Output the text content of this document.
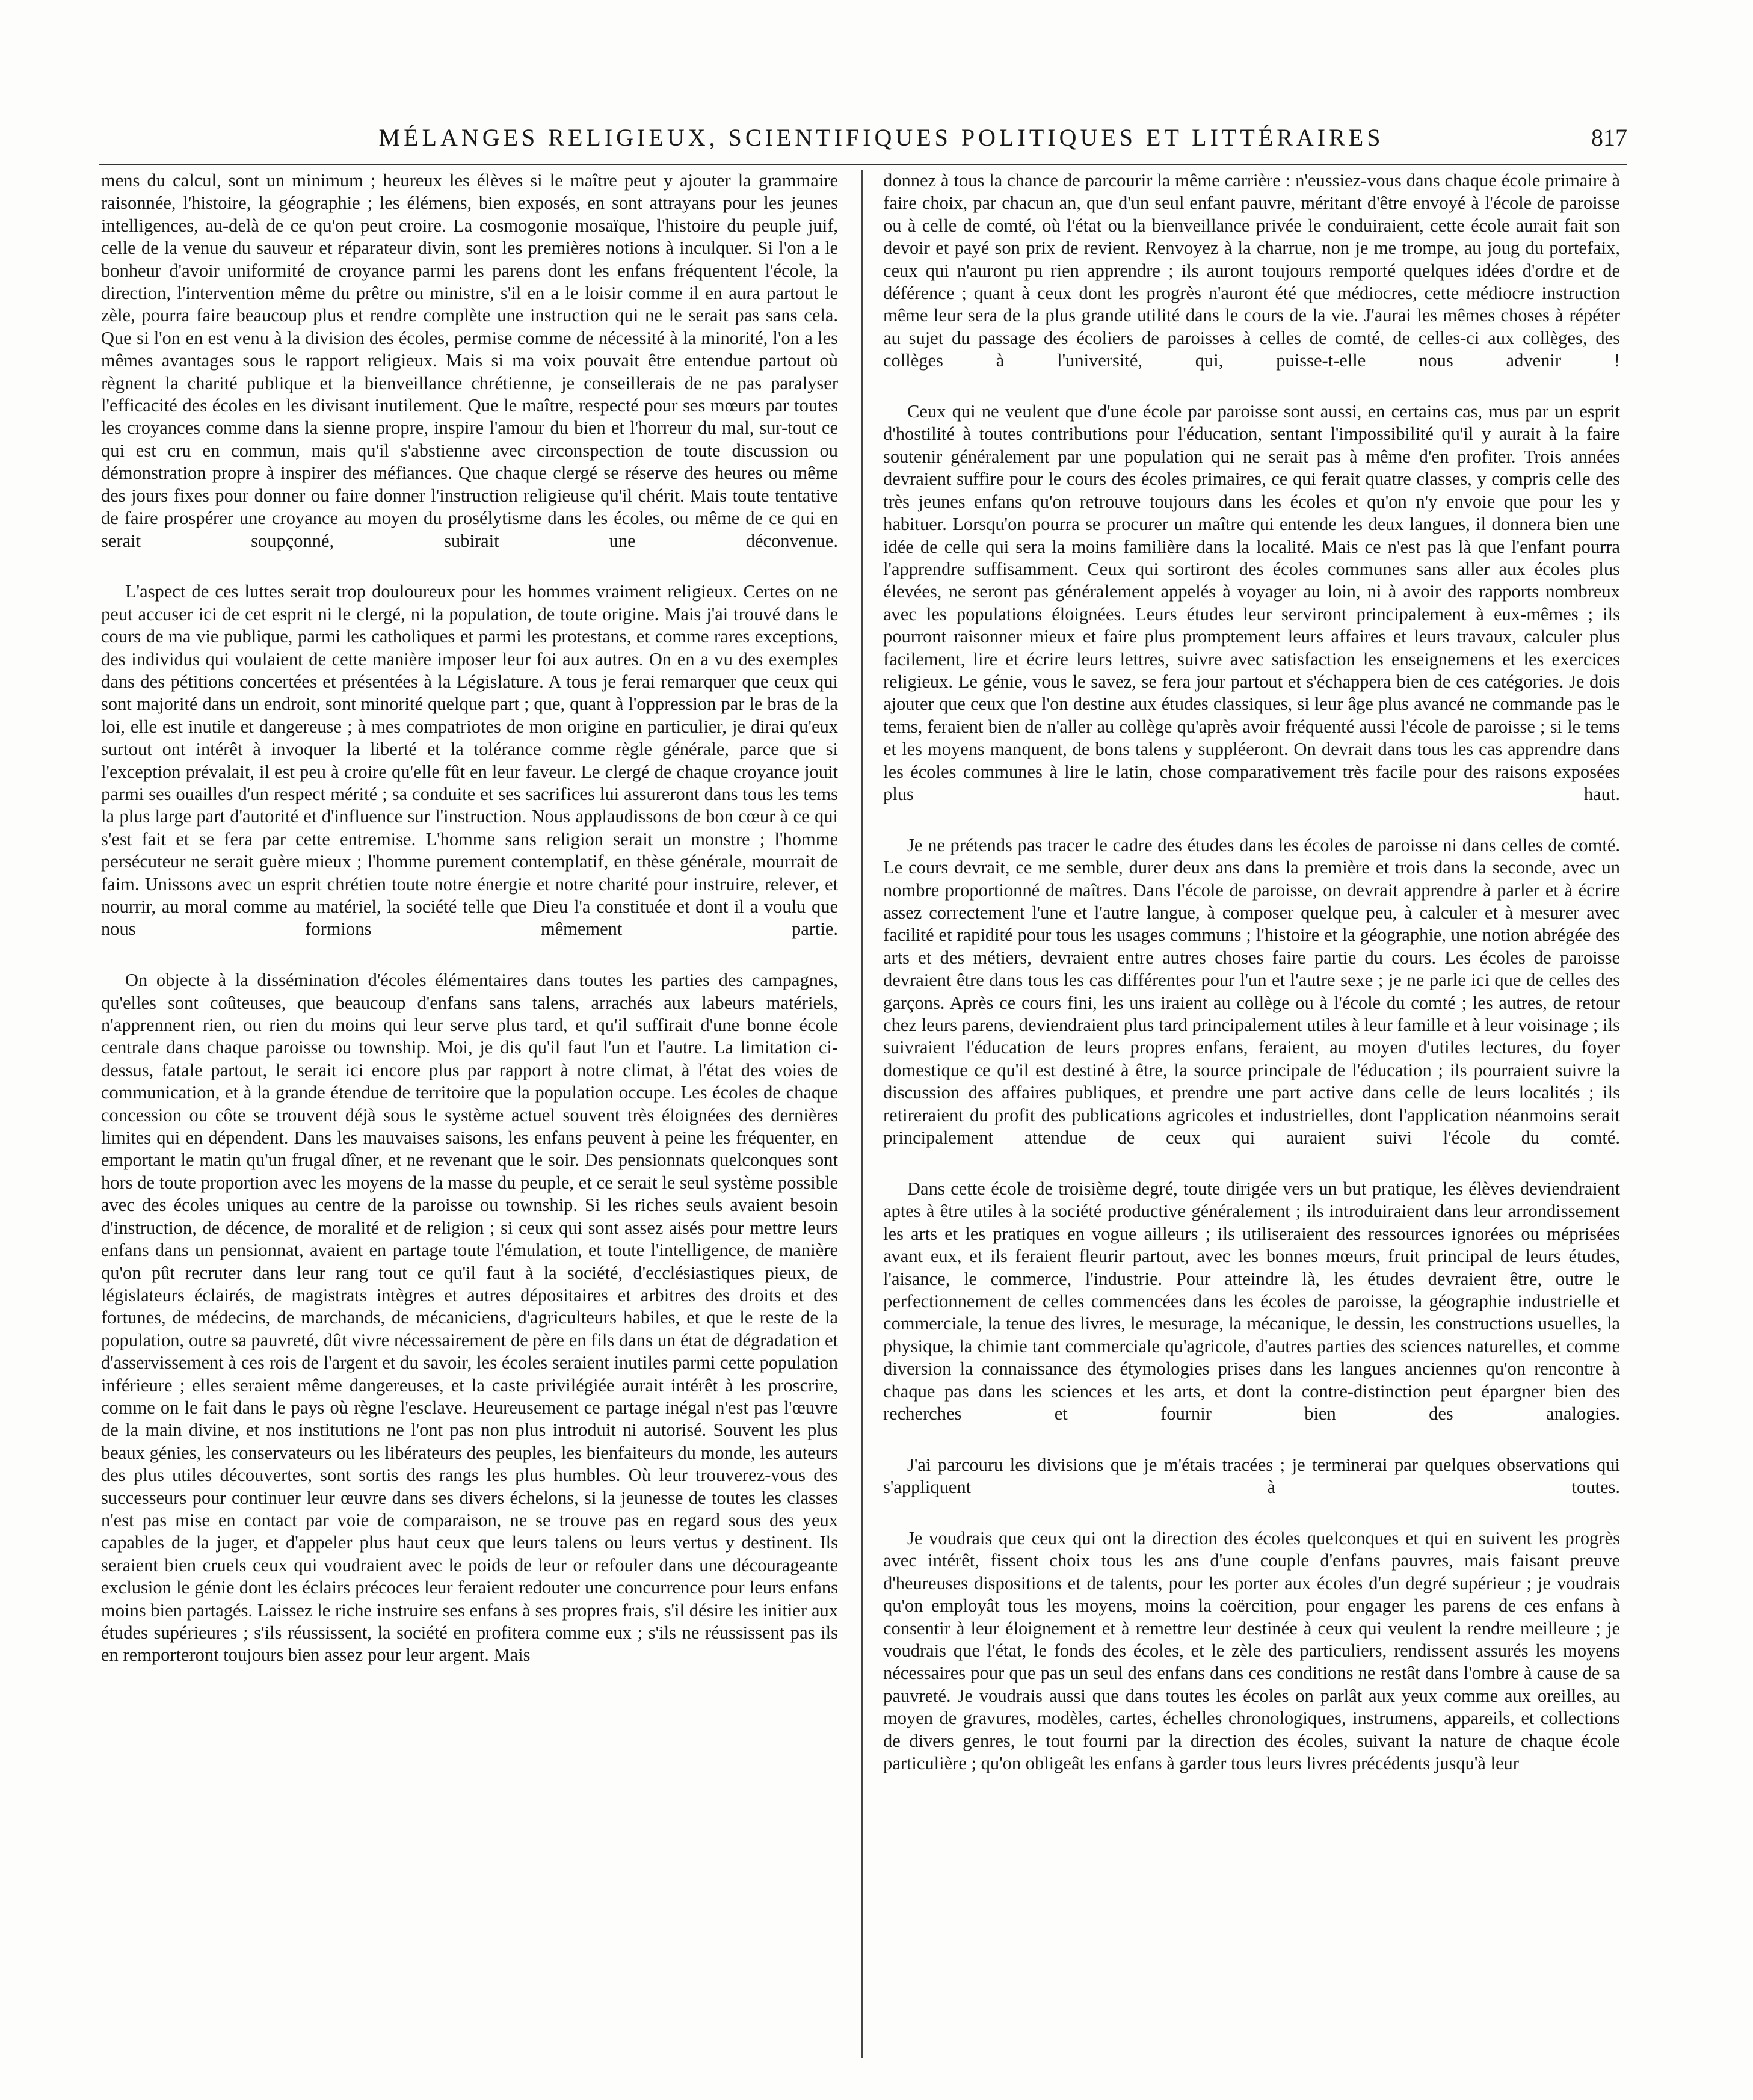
MÉLANGES RELIGIEUX, SCIENTIFIQUES POLITIQUES ET LITTÉRAIRES	817

mens du calcul, sont un minimum ; heureux les élèves si le maître peut y ajouter la grammaire raisonnée, l'histoire, la géographie ; les élémens, bien exposés, en sont attrayans pour les jeunes intelligences, au-delà de ce qu'on peut croire. La cosmogonie mosaïque, l'histoire du peuple juif, celle de la venue du sauveur et réparateur divin, sont les premières notions à inculquer. Si l'on a le bonheur d'avoir uniformité de croyance parmi les parens dont les enfans fréquentent l'école, la direction, l'intervention même du prêtre ou ministre, s'il en a le loisir comme il en aura partout le zèle, pourra faire beaucoup plus et rendre complète une instruction qui ne le serait pas sans cela. Que si l'on en est venu à la division des écoles, permise comme de nécessité à la minorité, l'on a les mêmes avantages sous le rapport religieux. Mais si ma voix pouvait être entendue partout où règnent la charité publique et la bienveillance chrétienne, je conseillerais de ne pas paralyser l'efficacité des écoles en les divisant inutilement. Que le maître, respecté pour ses mœurs par toutes les croyances comme dans la sienne propre, inspire l'amour du bien et l'horreur du mal, sur-tout ce qui est cru en commun, mais qu'il s'abstienne avec circonspection de toute discussion ou démonstration propre à inspirer des méfiances. Que chaque clergé se réserve des heures ou même des jours fixes pour donner ou faire donner l'instruction religieuse qu'il chérit. Mais toute tentative de faire prospérer une croyance au moyen du prosélytisme dans les écoles, ou même de ce qui en serait soupçonné, subirait une déconvenue.

L'aspect de ces luttes serait trop douloureux pour les hommes vraiment religieux. Certes on ne peut accuser ici de cet esprit ni le clergé, ni la population, de toute origine. Mais j'ai trouvé dans le cours de ma vie publique, parmi les catholiques et parmi les protestans, et comme rares exceptions, des individus qui voulaient de cette manière imposer leur foi aux autres. On en a vu des exemples dans des pétitions concertées et présentées à la Législature. A tous je ferai remarquer que ceux qui sont majorité dans un endroit, sont minorité quelque part ; que, quant à l'oppression par le bras de la loi, elle est inutile et dangereuse ; à mes compatriotes de mon origine en particulier, je dirai qu'eux surtout ont intérêt à invoquer la liberté et la tolérance comme règle générale, parce que si l'exception prévalait, il est peu à croire qu'elle fût en leur faveur. Le clergé de chaque croyance jouit parmi ses ouailles d'un respect mérité ; sa conduite et ses sacrifices lui assureront dans tous les tems la plus large part d'autorité et d'influence sur l'instruction. Nous applaudissons de bon cœur à ce qui s'est fait et se fera par cette entremise. L'homme sans religion serait un monstre ; l'homme persécuteur ne serait guère mieux ; l'homme purement contemplatif, en thèse générale, mourrait de faim. Unissons avec un esprit chrétien toute notre énergie et notre charité pour instruire, relever, et nourrir, au moral comme au matériel, la société telle que Dieu l'a constituée et dont il a voulu que nous formions mêmement partie.

On objecte à la dissémination d'écoles élémentaires dans toutes les parties des campagnes, qu'elles sont coûteuses, que beaucoup d'enfans sans talens, arrachés aux labeurs matériels, n'apprennent rien, ou rien du moins qui leur serve plus tard, et qu'il suffirait d'une bonne école centrale dans chaque paroisse ou township. Moi, je dis qu'il faut l'un et l'autre. La limitation ci-dessus, fatale partout, le serait ici encore plus par rapport à notre climat, à l'état des voies de communication, et à la grande étendue de territoire que la population occupe. Les écoles de chaque concession ou côte se trouvent déjà sous le système actuel souvent très éloignées des dernières limites qui en dépendent. Dans les mauvaises saisons, les enfans peuvent à peine les fréquenter, en emportant le matin qu'un frugal dîner, et ne revenant que le soir. Des pensionnats quelconques sont hors de toute proportion avec les moyens de la masse du peuple, et ce serait le seul système possible avec des écoles uniques au centre de la paroisse ou township. Si les riches seuls avaient besoin d'instruction, de décence, de moralité et de religion ; si ceux qui sont assez aisés pour mettre leurs enfans dans un pensionnat, avaient en partage toute l'émulation, et toute l'intelligence, de manière qu'on pût recruter dans leur rang tout ce qu'il faut à la société, d'ecclésiastiques pieux, de législateurs éclairés, de magistrats intègres et autres dépositaires et arbitres des droits et des fortunes, de médecins, de marchands, de mécaniciens, d'agriculteurs habiles, et que le reste de la population, outre sa pauvreté, dût vivre nécessairement de père en fils dans un état de dégradation et d'asservissement à ces rois de l'argent et du savoir, les écoles seraient inutiles parmi cette population inférieure ; elles seraient même dangereuses, et la caste privilégiée aurait intérêt à les proscrire, comme on le fait dans le pays où règne l'esclave. Heureusement ce partage inégal n'est pas l'œuvre de la main divine, et nos institutions ne l'ont pas non plus introduit ni autorisé. Souvent les plus beaux génies, les conservateurs ou les libérateurs des peuples, les bienfaiteurs du monde, les auteurs des plus utiles découvertes, sont sortis des rangs les plus humbles. Où leur trouverez-vous des successeurs pour continuer leur œuvre dans ses divers échelons, si la jeunesse de toutes les classes n'est pas mise en contact par voie de comparaison, ne se trouve pas en regard sous des yeux capables de la juger, et d'appeler plus haut ceux que leurs talens ou leurs vertus y destinent. Ils seraient bien cruels ceux qui voudraient avec le poids de leur or refouler dans une décourageante exclusion le génie dont les éclairs précoces leur feraient redouter une concurrence pour leurs enfans moins bien partagés. Laissez le riche instruire ses enfans à ses propres frais, s'il désire les initier aux études supérieures ; s'ils réussissent, la société en profitera comme eux ; s'ils ne réussissent pas ils en remporteront toujours bien assez pour leur argent. Mais

donnez à tous la chance de parcourir la même carrière : n'eussiez-vous dans chaque école primaire à faire choix, par chacun an, que d'un seul enfant pauvre, méritant d'être envoyé à l'école de paroisse ou à celle de comté, où l'état ou la bienveillance privée le conduiraient, cette école aurait fait son devoir et payé son prix de revient. Renvoyez à la charrue, non je me trompe, au joug du portefaix, ceux qui n'auront pu rien apprendre ; ils auront toujours remporté quelques idées d'ordre et de déférence ; quant à ceux dont les progrès n'auront été que médiocres, cette médiocre instruction même leur sera de la plus grande utilité dans le cours de la vie. J'aurai les mêmes choses à répéter au sujet du passage des écoliers de paroisses à celles de comté, de celles-ci aux collèges, des collèges à l'université, qui, puisse-t-elle nous advenir !

Ceux qui ne veulent que d'une école par paroisse sont aussi, en certains cas, mus par un esprit d'hostilité à toutes contributions pour l'éducation, sentant l'impossibilité qu'il y aurait à la faire soutenir généralement par une population qui ne serait pas à même d'en profiter. Trois années devraient suffire pour le cours des écoles primaires, ce qui ferait quatre classes, y compris celle des très jeunes enfans qu'on retrouve toujours dans les écoles et qu'on n'y envoie que pour les y habituer. Lorsqu'on pourra se procurer un maître qui entende les deux langues, il donnera bien une idée de celle qui sera la moins familière dans la localité. Mais ce n'est pas là que l'enfant pourra l'apprendre suffisamment. Ceux qui sortiront des écoles communes sans aller aux écoles plus élevées, ne seront pas généralement appelés à voyager au loin, ni à avoir des rapports nombreux avec les populations éloignées. Leurs études leur serviront principalement à eux-mêmes ; ils pourront raisonner mieux et faire plus promptement leurs affaires et leurs travaux, calculer plus facilement, lire et écrire leurs lettres, suivre avec satisfaction les enseignemens et les exercices religieux. Le génie, vous le savez, se fera jour partout et s'échappera bien de ces catégories. Je dois ajouter que ceux que l'on destine aux études classiques, si leur âge plus avancé ne commande pas le tems, feraient bien de n'aller au collège qu'après avoir fréquenté aussi l'école de paroisse ; si le tems et les moyens manquent, de bons talens y suppléeront. On devrait dans tous les cas apprendre dans les écoles communes à lire le latin, chose comparativement très facile pour des raisons exposées plus haut.

Je ne prétends pas tracer le cadre des études dans les écoles de paroisse ni dans celles de comté. Le cours devrait, ce me semble, durer deux ans dans la première et trois dans la seconde, avec un nombre proportionné de maîtres. Dans l'école de paroisse, on devrait apprendre à parler et à écrire assez correctement l'une et l'autre langue, à composer quelque peu, à calculer et à mesurer avec facilité et rapidité pour tous les usages communs ; l'histoire et la géographie, une notion abrégée des arts et des métiers, devraient entre autres choses faire partie du cours. Les écoles de paroisse devraient être dans tous les cas différentes pour l'un et l'autre sexe ; je ne parle ici que de celles des garçons. Après ce cours fini, les uns iraient au collège ou à l'école du comté ; les autres, de retour chez leurs parens, deviendraient plus tard principalement utiles à leur famille et à leur voisinage ; ils suivraient l'éducation de leurs propres enfans, feraient, au moyen d'utiles lectures, du foyer domestique ce qu'il est destiné à être, la source principale de l'éducation ; ils pourraient suivre la discussion des affaires publiques, et prendre une part active dans celle de leurs localités ; ils retireraient du profit des publications agricoles et industrielles, dont l'application néanmoins serait principalement attendue de ceux qui auraient suivi l'école du comté.

Dans cette école de troisième degré, toute dirigée vers un but pratique, les élèves deviendraient aptes à être utiles à la société productive généralement ; ils introduiraient dans leur arrondissement les arts et les pratiques en vogue ailleurs ; ils utiliseraient des ressources ignorées ou méprisées avant eux, et ils feraient fleurir partout, avec les bonnes mœurs, fruit principal de leurs études, l'aisance, le commerce, l'industrie. Pour atteindre là, les études devraient être, outre le perfectionnement de celles commencées dans les écoles de paroisse, la géographie industrielle et commerciale, la tenue des livres, le mesurage, la mécanique, le dessin, les constructions usuelles, la physique, la chimie tant commerciale qu'agricole, d'autres parties des sciences naturelles, et comme diversion la connaissance des étymologies prises dans les langues anciennes qu'on rencontre à chaque pas dans les sciences et les arts, et dont la contre-distinction peut épargner bien des recherches et fournir bien des analogies.

J'ai parcouru les divisions que je m'étais tracées ; je terminerai par quelques observations qui s'appliquent à toutes.

Je voudrais que ceux qui ont la direction des écoles quelconques et qui en suivent les progrès avec intérêt, fissent choix tous les ans d'une couple d'enfans pauvres, mais faisant preuve d'heureuses dispositions et de talents, pour les porter aux écoles d'un degré supérieur ; je voudrais qu'on employât tous les moyens, moins la coërcition, pour engager les parens de ces enfans à consentir à leur éloignement et à remettre leur destinée à ceux qui veulent la rendre meilleure ; je voudrais que l'état, le fonds des écoles, et le zèle des particuliers, rendissent assurés les moyens nécessaires pour que pas un seul des enfans dans ces conditions ne restât dans l'ombre à cause de sa pauvreté. Je voudrais aussi que dans toutes les écoles on parlât aux yeux comme aux oreilles, au moyen de gravures, modèles, cartes, échelles chronologiques, instrumens, appareils, et collections de divers genres, le tout fourni par la direction des écoles, suivant la nature de chaque école particulière ; qu'on obligeât les enfans à garder tous leurs livres précédents jusqu'à leur
